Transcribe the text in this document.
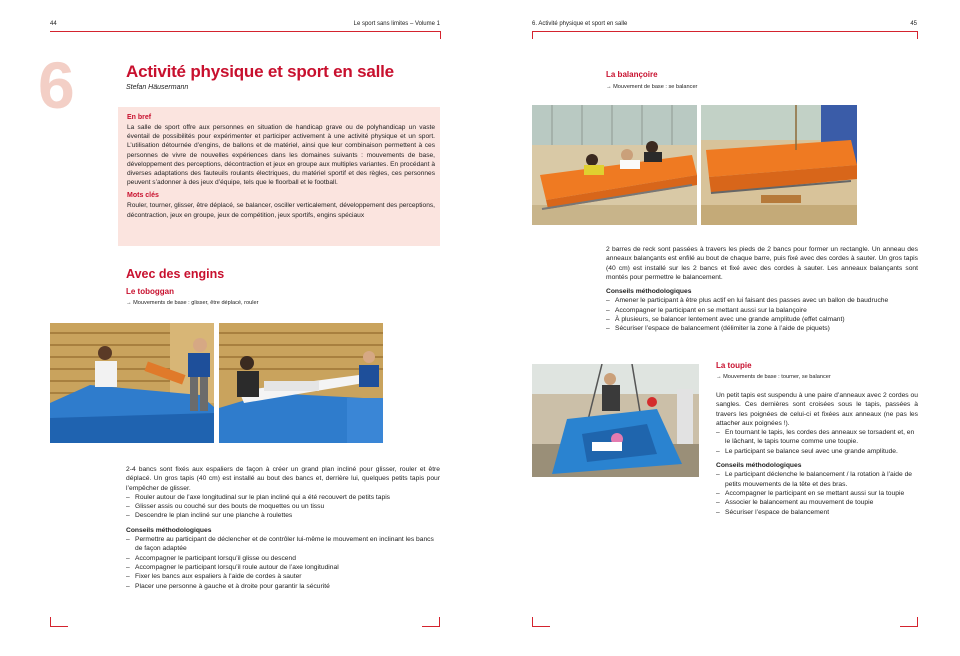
44	Le sport sans limites – Volume 1
6	Activité physique et sport en salle
Stefan Häusermann
En bref

La salle de sport offre aux personnes en situation de handicap grave ou de polyhandicap un vaste éventail de possibilités pour expérimenter et participer activement à une activité physique et un sport. L’utilisation détournée d’engins, de ballons et de matériel, ainsi que leur combinaison permettent à ces personnes de vivre de nouvelles expériences dans les domaines suivants : mouvements de base, développement des perceptions, décontraction et jeux en groupe aux multiples variantes. En procédant à diverses adaptations des fauteuils roulants électriques, du matériel sportif et des règles, ces personnes peuvent s’adonner à des jeux d’équipe, tels que le floorball et le football.

Mots clés

Rouler, tourner, glisser, être déplacé, se balancer, osciller verticalement, développement des perceptions, décontraction, jeux en groupe, jeux de compétition, jeux sportifs, engins spéciaux

Avec des engins
Le toboggan
→ Mouvements de base : glisser, être déplacé, rouler

2-4 bancs sont fixés aux espaliers de façon à créer un grand plan incliné pour glisser, rouler et être déplacé. Un gros tapis (40 cm) est installé au bout des bancs et, derrière lui, quelques petits tapis pour l’empêcher de glisser.

– Rouler autour de l’axe longitudinal sur le plan incliné qui a été recouvert de petits tapis
– Glisser assis ou couché sur des bouts de moquettes ou un tissu
– Descendre le plan incliné sur une planche à roulettes
Conseils méthodologiques
– Permettre au participant de déclencher et de contrôler lui-même le mouvement en inclinant les bancs de façon adaptée
– Accompagner le participant lorsqu’il glisse ou descend
– Accompagner le participant lorsqu’il roule autour de l’axe longitudinal
– Fixer les bancs aux espaliers à l’aide de cordes à sauter
– Placer une personne à gauche et à droite pour garantir la sécurité
6. Activité physique et sport en salle	45
La balançoire
→ Mouvement de base : se balancer

2 barres de reck sont passées à travers les pieds de 2 bancs pour former un rectangle. Un anneau des anneaux balançants est enfilé au bout de chaque barre, puis fixé avec des cordes à sauter. Un gros tapis (40 cm) est installé sur les 2 bancs et fixé avec des cordes à sauter. Les anneaux balançants sont montés pour permettre le balancement.

Conseils méthodologiques
– Amener le participant à être plus actif en lui faisant des passes avec un ballon de baudruche
– Accompagner le participant en se mettant aussi sur la balançoire
– À plusieurs, se balancer lentement avec une grande amplitude (effet calmant)
– Sécuriser l’espace de balancement (délimiter la zone à l’aide de piquets)
La toupie
→ Mouvements de base : tourner, se balancer

Un petit tapis est suspendu à une paire d’anneaux avec 2 cordes ou sangles. Ces dernières sont croisées sous le tapis, passées à travers les poignées de celui-ci et fixées aux anneaux (ne pas les attacher aux poignées !).

– En tournant le tapis, les cordes des anneaux se torsadent et, en le lâchant, le tapis tourne comme une toupie.
– Le participant se balance seul avec une grande amplitude.
Conseils méthodologiques
– Le participant déclenche le balancement / la rotation à l’aide de petits mouvements de la tête et des bras.
– Accompagner le participant en se mettant aussi sur la toupie
– Associer le balancement au mouvement de toupie
– Sécuriser l’espace de balancement
